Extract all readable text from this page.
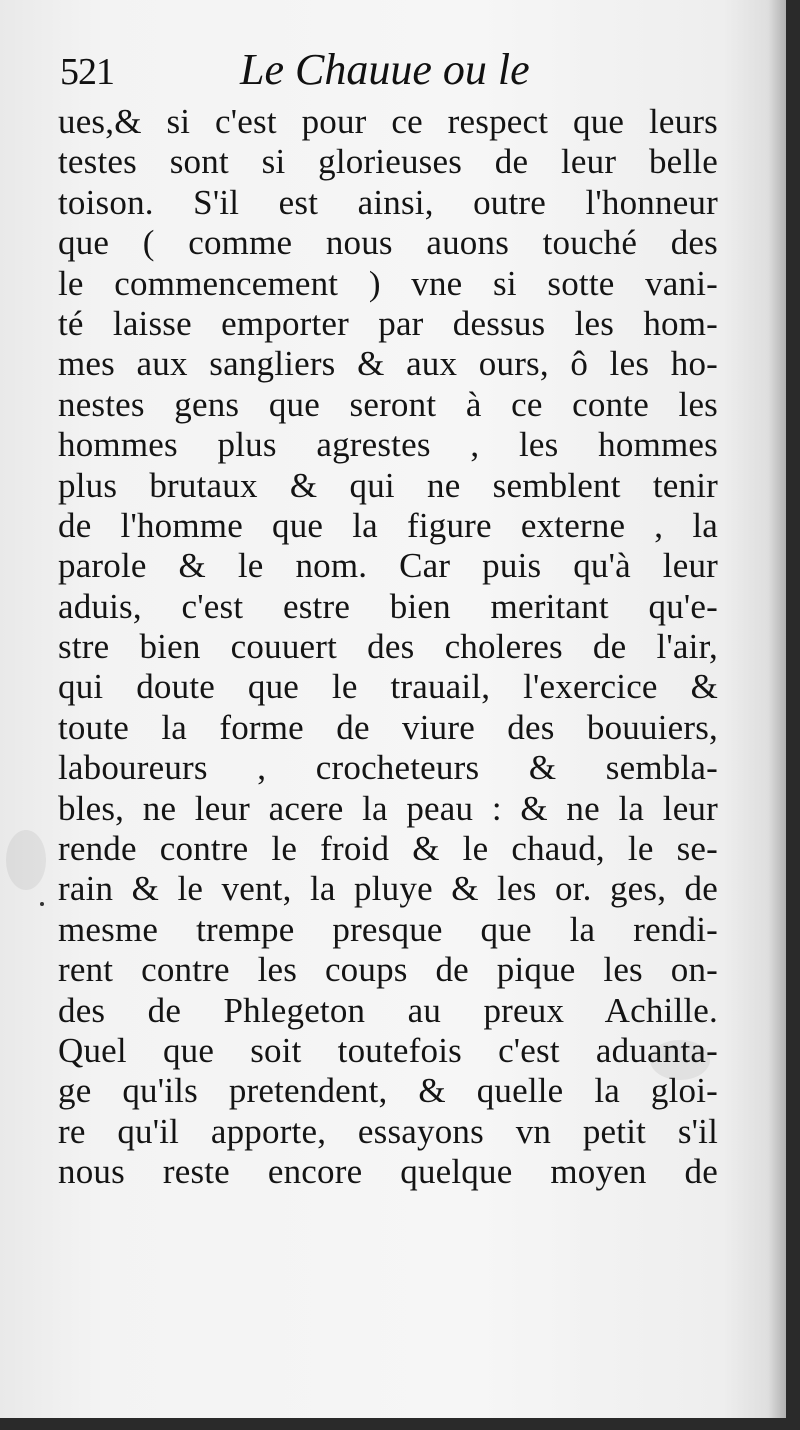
521	Le Chauue ou le
ues,& si c'est pour ce respect que leurs
testes sont si glorieuses de leur belle
toison. S'il est ainsi, outre l'honneur
que ( comme nous auons touché des
le commencement ) vne si sotte vani-
té laisse emporter par dessus les hom-
mes aux sangliers & aux ours, ô les ho-
nestes gens que seront à ce conte les
hommes plus agrestes , les hommes
plus brutaux & qui ne semblent tenir
de l'homme que la figure externe , la
parole & le nom. Car puis qu'à leur
aduis, c'est estre bien meritant qu'e-
stre bien couuert des choleres de l'air,
qui doute que le trauail, l'exercice &
toute la forme de viure des bouuiers,
laboureurs , crocheteurs & sembla-
bles, ne leur acere la peau : & ne la leur
rende contre le froid & le chaud, le se-
rain & le vent, la pluye & les or. ges, de
mesme trempe presque que la rendi-
rent contre les coups de pique les on-
des de Phlegeton au preux Achille.
Quel que soit toutefois c'est aduanta-
ge qu'ils pretendent, & quelle la gloi-
re qu'il apporte, essayons vn petit s'il
nous reste encore quelque moyen de
